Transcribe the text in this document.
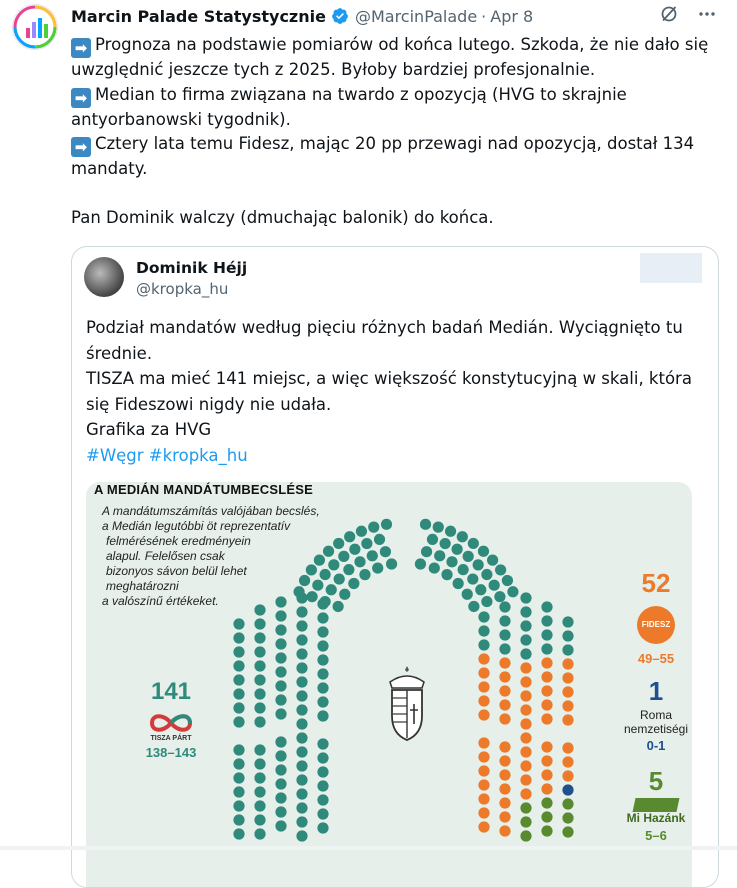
Marcin Palade Statystycznie @MarcinPalade · Apr 8

➡ Prognoza na podstawie pomiarów od końca lutego. Szkoda, że nie dało się uwzględnić jeszcze tych z 2025. Byłoby bardziej profesjonalnie.

➡ Median to firma związana na twardo z opozycją (HVG to skrajnie antyorbanowski tygodnik).

➡ Cztery lata temu Fidesz, mając 20 pp przewagi nad opozycją, dostał 134 mandaty.

Pan Dominik walczy (dmuchając balonik) do końca.

Dominik Héjj
@kropka_hu

Podział mandatów według pięciu różnych badań Medián. Wyciągnięto tu średnie.

TISZA ma mieć 141 miejsc, a więc większość konstytucyjną w skali, która się Fideszowi nigdy nie udała.

Grafika za HVG

#Węgr #kropka_hu

A MEDIÁN MANDÁTUMBECSLÉSE

A mandátumszámítás valójában becslés,

a Medián legutóbbi öt reprezentatív

felmérésének eredményein

alapul. Felelősen csak

bizonyos sávon belül lehet

meghatározni

a valószínű értékeket.

141
TISZA PÁRT
138–143
52
FIDESZ
49–55
1
Roma
nemzetiségi
0-1
5
Mi Hazánk
5–6
